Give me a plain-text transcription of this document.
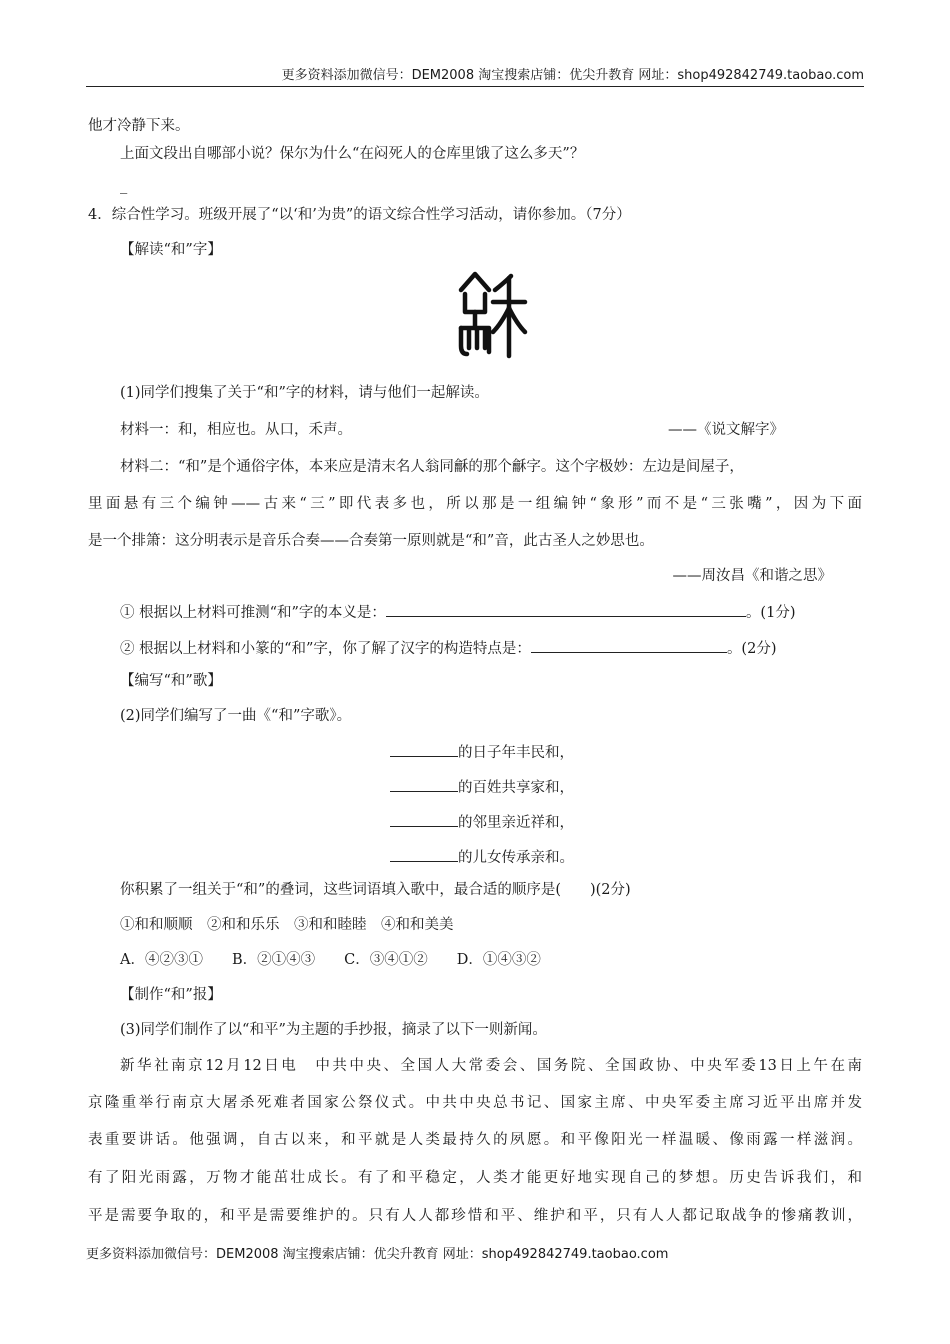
更多资料添加微信号：DEM2008 淘宝搜索店铺：优尖升教育 网址：shop492842749.taobao.com
他才冷静下来。
上面文段出自哪部小说？保尔为什么“在闷死人的仓库里饿了这么多天”？
_
4．综合性学习。班级开展了“以‘和’为贵”的语文综合性学习活动，请你参加。（7分）
【解读“和”字】
(1)同学们搜集了关于“和”字的材料，请与他们一起解读。
材料一：和，相应也。从口，禾声。	——《说文解字》
材料二：“和”是个通俗字体，本来应是清末名人翁同龢的那个龢字。这个字极妙：左边是间屋子，
里面悬有三个编钟——古来“三”即代表多也，所以那是一组编钟“象形”而不是“三张嘴”，因为下面
是一个排箫：这分明表示是音乐合奏——合奏第一原则就是“和”音，此古圣人之妙思也。
——周汝昌《和谐之思》
① 根据以上材料可推测“和”字的本义是：	。(1分)
② 根据以上材料和小篆的“和”字，你了解了汉字的构造特点是：	。(2分)
【编写“和”歌】
(2)同学们编写了一曲《“和”字歌》。
的日子年丰民和，
的百姓共享家和，
的邻里亲近祥和，
的儿女传承亲和。
你积累了一组关于“和”的叠词，这些词语填入歌中，最合适的顺序是(　　)(2分)
①和和顺顺　②和和乐乐　③和和睦睦　④和和美美
A．④②③①　　B．②①④③　　C．③④①②　　D．①④③②
【制作“和”报】
(3)同学们制作了以“和平”为主题的手抄报，摘录了以下一则新闻。
新华社南京12月12日电　中共中央、全国人大常委会、国务院、全国政协、中央军委13日上午在南
京隆重举行南京大屠杀死难者国家公祭仪式。中共中央总书记、国家主席、中央军委主席习近平出席并发
表重要讲话。他强调，自古以来，和平就是人类最持久的夙愿。和平像阳光一样温暖、像雨露一样滋润。
有了阳光雨露，万物才能茁壮成长。有了和平稳定，人类才能更好地实现自己的梦想。历史告诉我们，和
平是需要争取的，和平是需要维护的。只有人人都珍惜和平、维护和平，只有人人都记取战争的惨痛教训，
更多资料添加微信号：DEM2008 淘宝搜索店铺：优尖升教育 网址：shop492842749.taobao.com
